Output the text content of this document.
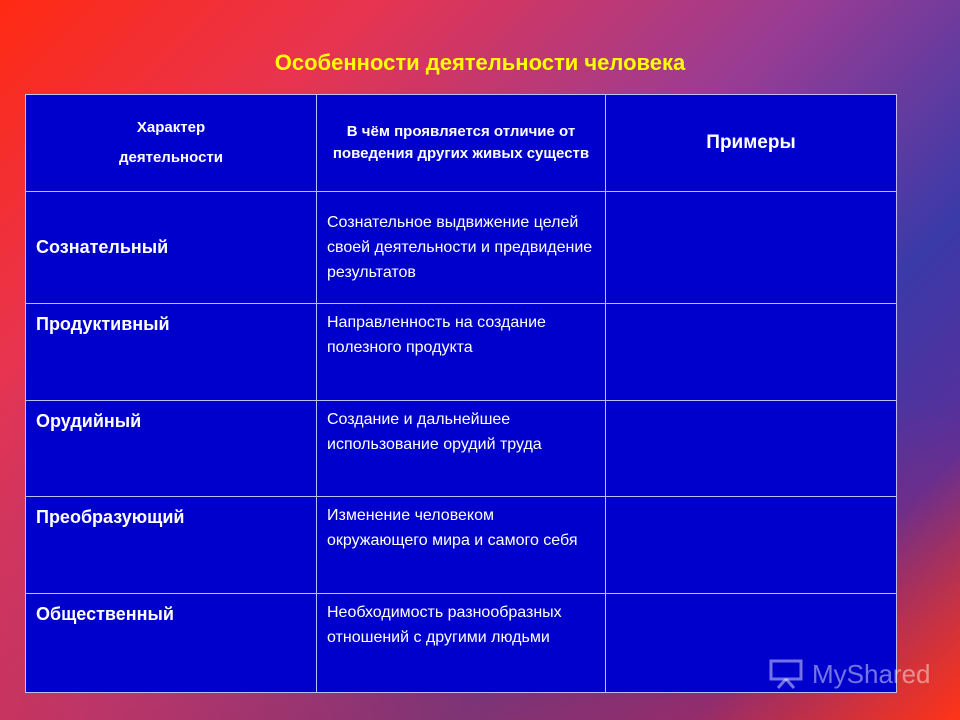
Особенности деятельности человека
Характер
деятельности	В чём проявляется отличие от поведения других живых существ	Примеры
Сознательный	Сознательное выдвижение целей своей деятельности и предвидение результатов	
Продуктивный	Направленность на создание полезного продукта	
Орудийный	Создание и дальнейшее использование орудий труда	
Преобразующий	Изменение человеком окружающего мира и самого себя	
Общественный	Необходимость разнообразных отношений с другими людьми	
MyShared
